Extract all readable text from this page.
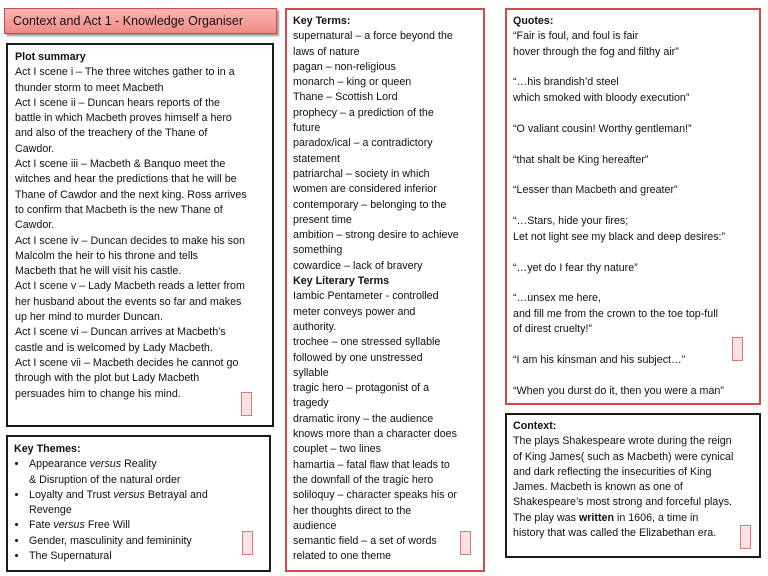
Context and Act 1 - Knowledge Organiser
Plot summary
Act I scene i – The three witches gather to in a
thunder storm to meet Macbeth
Act I scene ii – Duncan hears reports of the
battle in which Macbeth proves himself a hero
and also of the treachery of the Thane of
Cawdor.
Act I scene iii – Macbeth & Banquo meet the
witches and hear the predictions that he will be
Thane of Cawdor and the next king. Ross arrives
to confirm that Macbeth is the new Thane of
Cawdor.
Act I scene iv – Duncan decides to make his son
Malcolm the heir to his throne and tells
Macbeth that he will visit his castle.
Act I scene v – Lady Macbeth reads a letter from
her husband about the events so far and makes
up her mind to murder Duncan.
Act I scene vi – Duncan arrives at Macbeth’s
castle and is welcomed by Lady Macbeth.
Act I scene vii – Macbeth decides he cannot go
through with the plot but Lady Macbeth
persuades him to change his mind.
Key Themes:
• Appearance versus Reality
& Disruption of the natural order
• Loyalty and Trust versus Betrayal and
Revenge
• Fate versus Free Will
• Gender, masculinity and femininity
• The Supernatural
Key Terms:
supernatural – a force beyond the
laws of nature
pagan – non-religious
monarch – king or queen
Thane – Scottish Lord
prophecy – a prediction of the
future
paradox/ical – a contradictory
statement
patriarchal – society in which
women are considered inferior
contemporary – belonging to the
present time
ambition – strong desire to achieve
something
cowardice – lack of bravery
Key Literary Terms
Iambic Pentameter - controlled
meter conveys power and
authority.
trochee – one stressed syllable
followed by one unstressed
syllable
tragic hero – protagonist of a
tragedy
dramatic irony – the audience
knows more than a character does
couplet – two lines
hamartia – fatal flaw that leads to
the downfall of the tragic hero
soliloquy – character speaks his or
her thoughts direct to the
audience
semantic field – a set of words
related to one theme
Quotes:
“Fair is foul, and foul is fair
hover through the fog and filthy air”
“…his brandish’d steel
which smoked with bloody execution”
“O valiant cousin! Worthy gentleman!”
“that shalt be King hereafter”
“Lesser than Macbeth and greater”
“…Stars, hide your fires;
Let not light see my black and deep desires:”
“…yet do I fear thy nature”
“…unsex me here,
and fill me from the crown to the toe top-full
of direst cruelty!”
“I am his kinsman and his subject…”
“When you durst do it, then you were a man”
Context:
The plays Shakespeare wrote during the reign
of King James( such as Macbeth) were cynical
and dark reflecting the insecurities of King
James. Macbeth is known as one of
Shakespeare’s most strong and forceful plays.
The play was written in 1606, a time in
history that was called the Elizabethan era.
